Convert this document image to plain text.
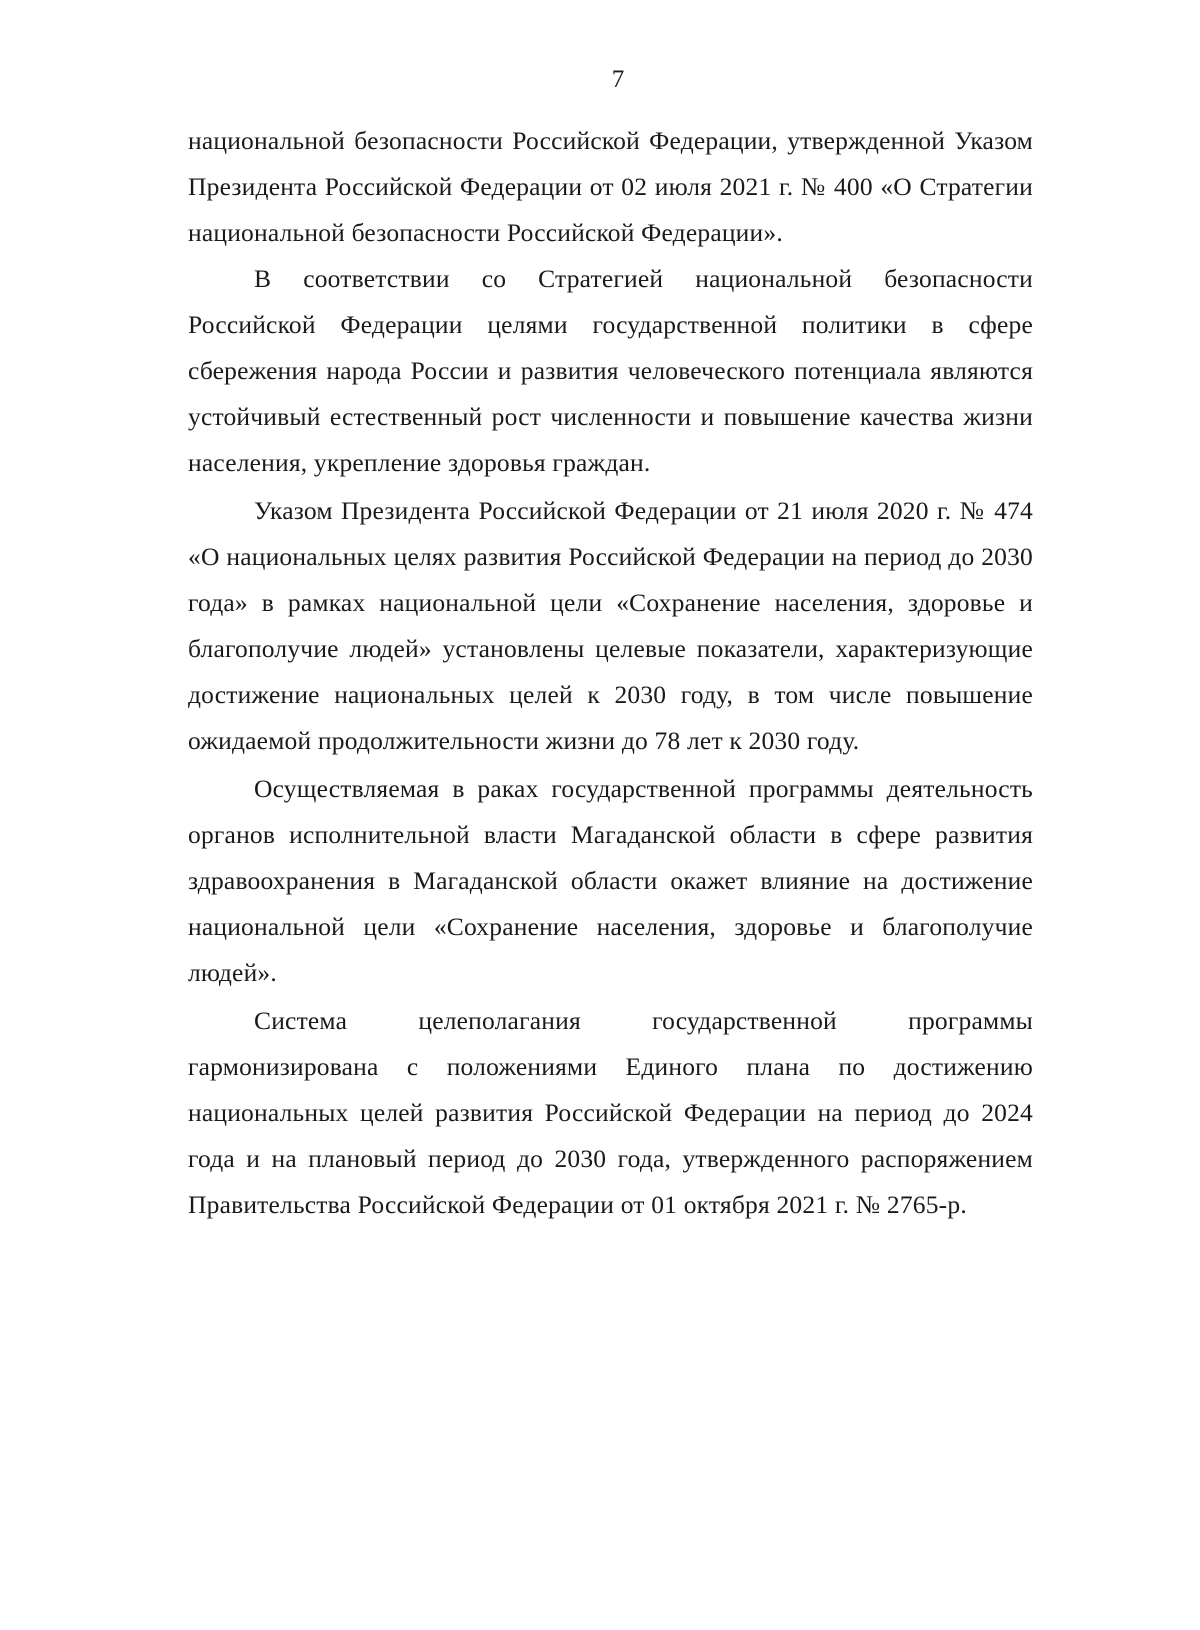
7

национальной безопасности Российской Федерации, утвержденной Указом Президента Российской Федерации от 02 июля 2021 г. № 400 «О Стратегии национальной безопасности Российской Федерации».

В соответствии со Стратегией национальной безопасности Российской Федерации целями государственной политики в сфере сбережения народа России и развития человеческого потенциала являются устойчивый естественный рост численности и повышение качества жизни населения, укрепление здоровья граждан.

Указом Президента Российской Федерации от 21 июля 2020 г. № 474 «О национальных целях развития Российской Федерации на период до 2030 года» в рамках национальной цели «Сохранение населения, здоровье и благополучие людей» установлены целевые показатели, характеризующие достижение национальных целей к 2030 году, в том числе повышение ожидаемой продолжительности жизни до 78 лет к 2030 году.

Осуществляемая в раках государственной программы деятельность органов исполнительной власти Магаданской области в сфере развития здравоохранения в Магаданской области окажет влияние на достижение национальной цели «Сохранение населения, здоровье и благополучие людей».

Система целеполагания государственной программы гармонизирована с положениями Единого плана по достижению национальных целей развития Российской Федерации на период до 2024 года и на плановый период до 2030 года, утвержденного распоряжением Правительства Российской Федерации от 01 октября 2021 г. № 2765-р.
